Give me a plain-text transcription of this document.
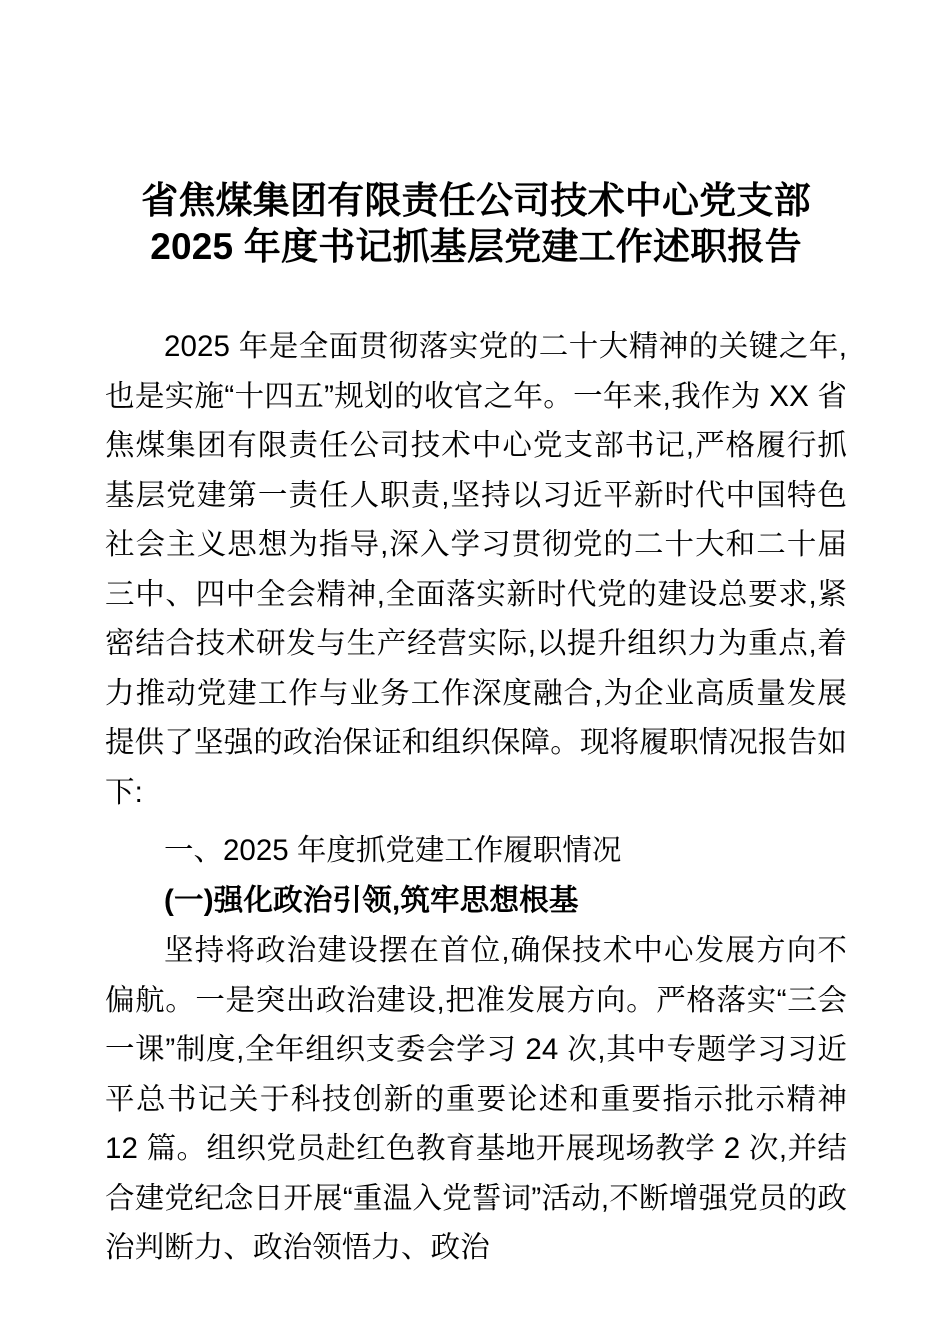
省焦煤集团有限责任公司技术中心党支部
2025 年度书记抓基层党建工作述职报告

2025 年是全面贯彻落实党的二十大精神的关键之年,也是实施“十四五”规划的收官之年。一年来,我作为 XX 省焦煤集团有限责任公司技术中心党支部书记,严格履行抓基层党建第一责任人职责,坚持以习近平新时代中国特色社会主义思想为指导,深入学习贯彻党的二十大和二十届三中、四中全会精神,全面落实新时代党的建设总要求,紧密结合技术研发与生产经营实际,以提升组织力为重点,着力推动党建工作与业务工作深度融合,为企业高质量发展提供了坚强的政治保证和组织保障。现将履职情况报告如下:

一、2025 年度抓党建工作履职情况

(一)强化政治引领,筑牢思想根基

坚持将政治建设摆在首位,确保技术中心发展方向不偏航。一是突出政治建设,把准发展方向。严格落实“三会一课”制度,全年组织支委会学习 24 次,其中专题学习习近平总书记关于科技创新的重要论述和重要指示批示精神 12 篇。组织党员赴红色教育基地开展现场教学 2 次,并结合建党纪念日开展“重温入党誓词”活动,不断增强党员的政治判断力、政治领悟力、政治
